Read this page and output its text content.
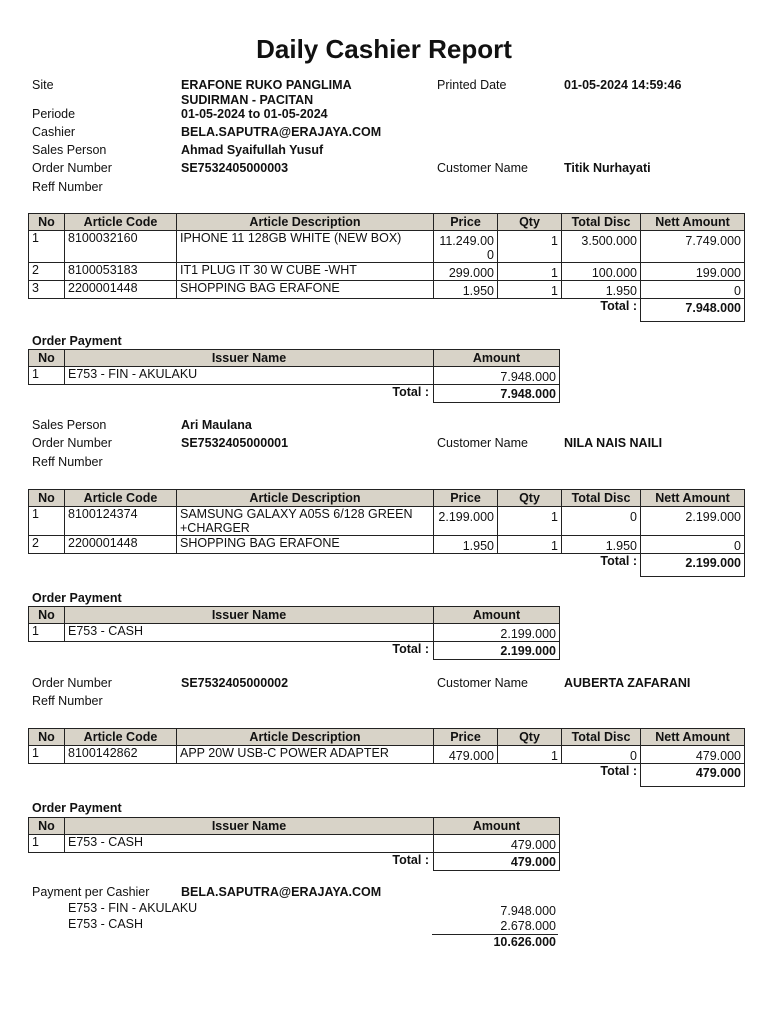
Daily Cashier Report
Site	ERAFONE RUKO PANGLIMA
SUDIRMAN - PACITAN
Printed Date	01-05-2024 14:59:46
Periode	01-05-2024 to 01-05-2024
Cashier	BELA.SAPUTRA@ERAJAYA.COM
Sales Person	Ahmad Syaifullah Yusuf
Order Number	SE7532405000003	Customer Name	Titik Nurhayati
Reff Number
No	Article Code	Article Description	Price	Qty	Total Disc	Nett Amount
1	8100032160	IPHONE 11 128GB WHITE (NEW BOX)	11.249.000	1	3.500.000	7.749.000
2	8100053183	IT1 PLUG IT 30 W CUBE -WHT	299.000	1	100.000	199.000
3	2200001448	SHOPPING BAG ERAFONE	1.950	1	1.950	0
					Total :	7.948.000
Order Payment
No	Issuer Name	Amount
1	E753 - FIN - AKULAKU	7.948.000
Total :		7.948.000
Sales Person	Ari Maulana
Order Number	SE7532405000001	Customer Name	NILA NAIS NAILI
Reff Number
No	Article Code	Article Description	Price	Qty	Total Disc	Nett Amount
1	8100124374	SAMSUNG GALAXY A05S 6/128 GREEN +CHARGER	2.199.000	1	0	2.199.000
2	2200001448	SHOPPING BAG ERAFONE	1.950	1	1.950	0
					Total :	2.199.000
Order Payment
No	Issuer Name	Amount
1	E753 - CASH	2.199.000
Total :		2.199.000
Order Number	SE7532405000002	Customer Name	AUBERTA ZAFARANI
Reff Number
No	Article Code	Article Description	Price	Qty	Total Disc	Nett Amount
1	8100142862	APP 20W USB-C POWER ADAPTER	479.000	1	0	479.000
					Total :	479.000
Order Payment
No	Issuer Name	Amount
1	E753 - CASH	479.000
Total :		479.000
Payment per Cashier	BELA.SAPUTRA@ERAJAYA.COM
E753 - FIN - AKULAKU	7.948.000
E753 - CASH	2.678.000
10.626.000
